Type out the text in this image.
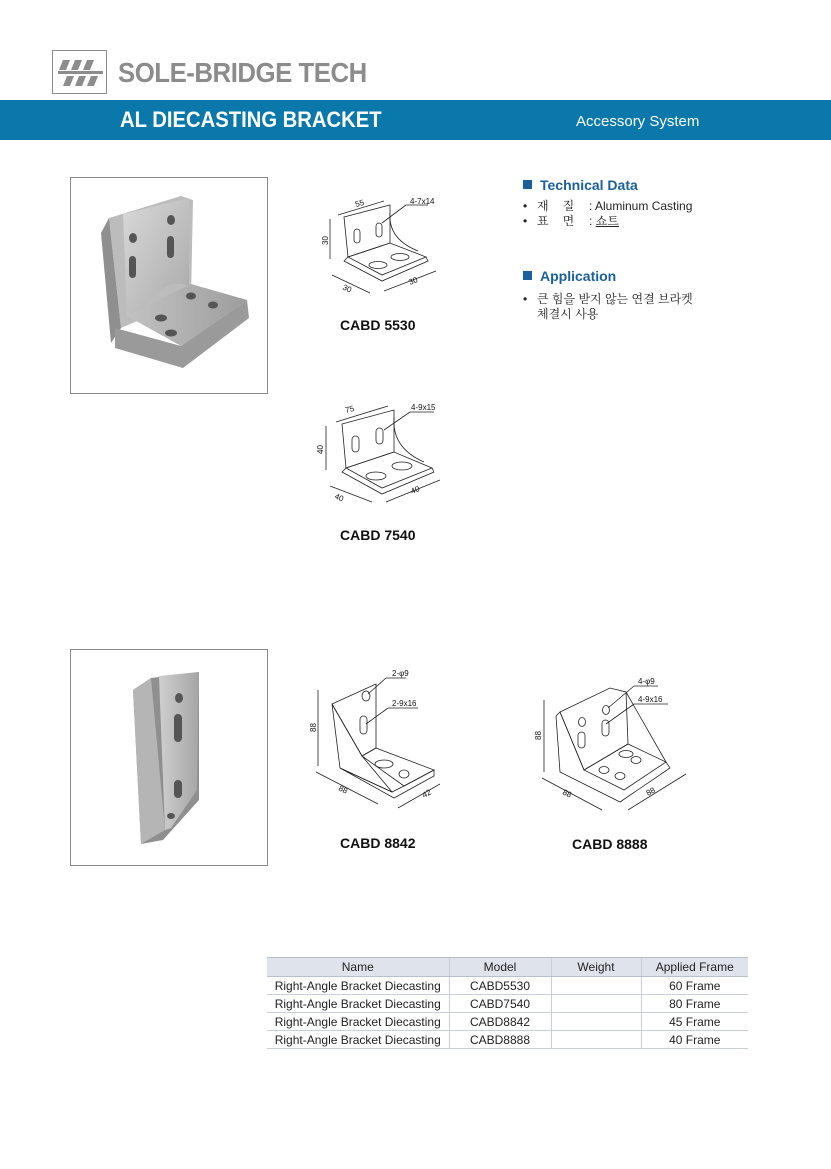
SOLE-BRIDGE TECH
AL DIECASTING BRACKET	Accessory System
55	4-7x14
30
30
30
CABD 5530
75	4-9x15
40
40
40
CABD 7540
Technical Data
• 재질: Aluminum Casting
• 표면: 쇼트
Application
• 큰 힘을 받지 않는 연결 브라켓
체결시 사용
2-φ9
2-9x16
88
88	42
CABD 8842
4-φ9
4-9x16
88
88	88
CABD 8888
Name	Model	Weight	Applied Frame
Right-Angle Bracket Diecasting	CABD5530		60 Frame
Right-Angle Bracket Diecasting	CABD7540		80 Frame
Right-Angle Bracket Diecasting	CABD8842		45 Frame
Right-Angle Bracket Diecasting	CABD8888		40 Frame
